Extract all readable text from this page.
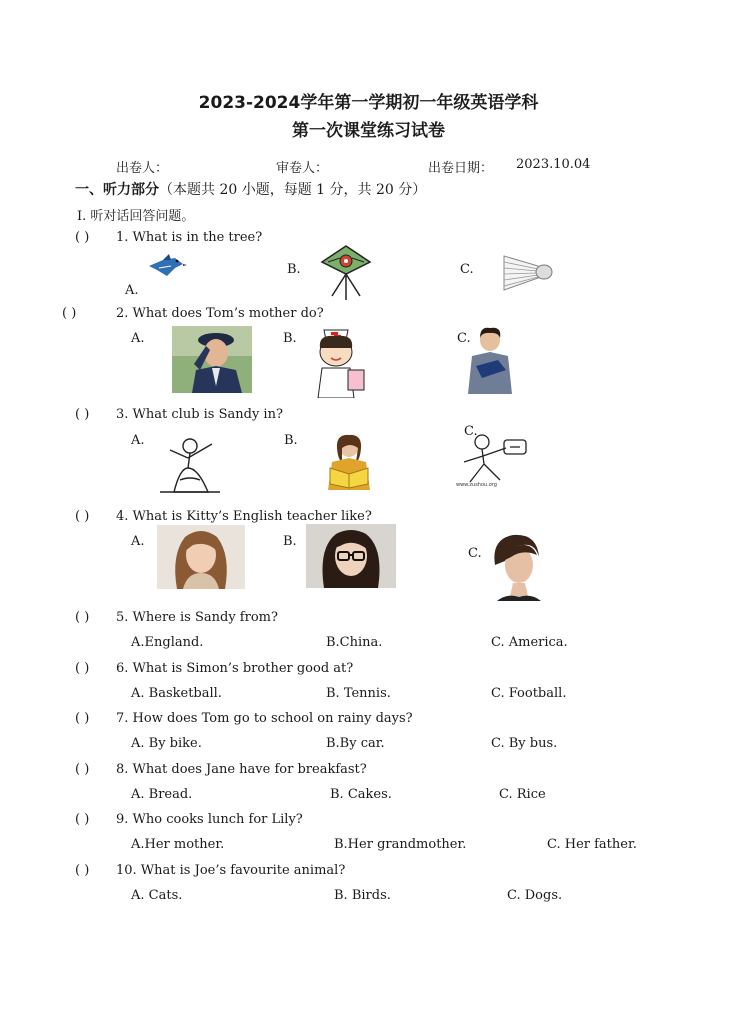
2023-2024学年第一学期初一年级英语学科
第一次课堂练习试卷
出卷人：	审卷人：	出卷日期： 2023.10.04
一、听力部分（本题共 20 小题，每题 1 分，共 20 分）
I. 听对话回答问题。
( ) 1. What is in the tree?
A.
B.	C.
( )	2. What does Tom’s mother do?
A.	B.	C.
( ) 3. What club is Sandy in?
A.	B.
C.
www.zushou.org
( ) 4. What is Kitty’s English teacher like?
A.	B.
C.
( ) 5. Where is Sandy from?
A.England.	B.China.	C. America.
( ) 6. What is Simon’s brother good at?
A. Basketball.	B. Tennis.	C. Football.
( ) 7. How does Tom go to school on rainy days?
A. By bike.	B.By car.	C. By bus.
( ) 8. What does Jane have for breakfast?
A. Bread.	B. Cakes.	C. Rice
( ) 9. Who cooks lunch for Lily?
A.Her mother.	B.Her grandmother.	C. Her father.
( ) 10. What is Joe’s favourite animal?
A. Cats.	B. Birds.	C. Dogs.
